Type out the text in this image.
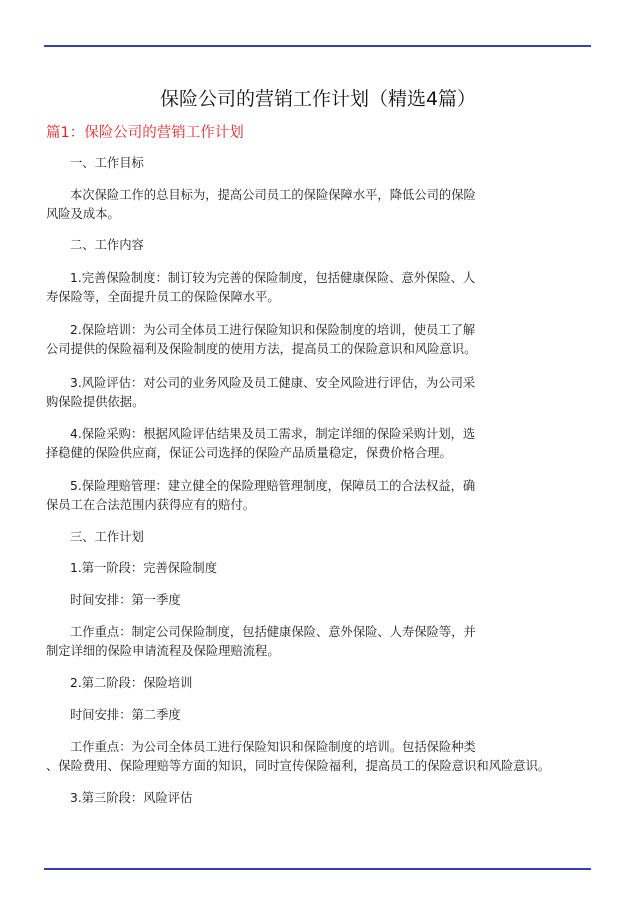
保险公司的营销工作计划（精选4篇）
篇1：保险公司的营销工作计划
一、工作目标
本次保险工作的总目标为，提高公司员工的保险保障水平，降低公司的保险
风险及成本。
二、工作内容
1.完善保险制度：制订较为完善的保险制度，包括健康保险、意外保险、人
寿保险等，全面提升员工的保险保障水平。
2.保险培训：为公司全体员工进行保险知识和保险制度的培训，使员工了解
公司提供的保险福利及保险制度的使用方法，提高员工的保险意识和风险意识。
3.风险评估：对公司的业务风险及员工健康、安全风险进行评估，为公司采
购保险提供依据。
4.保险采购：根据风险评估结果及员工需求，制定详细的保险采购计划，选
择稳健的保险供应商，保证公司选择的保险产品质量稳定，保费价格合理。
5.保险理赔管理：建立健全的保险理赔管理制度，保障员工的合法权益，确
保员工在合法范围内获得应有的赔付。
三、工作计划
1.第一阶段：完善保险制度
时间安排：第一季度
工作重点：制定公司保险制度，包括健康保险、意外保险、人寿保险等，并
制定详细的保险申请流程及保险理赔流程。
2.第二阶段：保险培训
时间安排：第二季度
工作重点：为公司全体员工进行保险知识和保险制度的培训。包括保险种类
、保险费用、保险理赔等方面的知识，同时宣传保险福利，提高员工的保险意识和风险意识。
3.第三阶段：风险评估
